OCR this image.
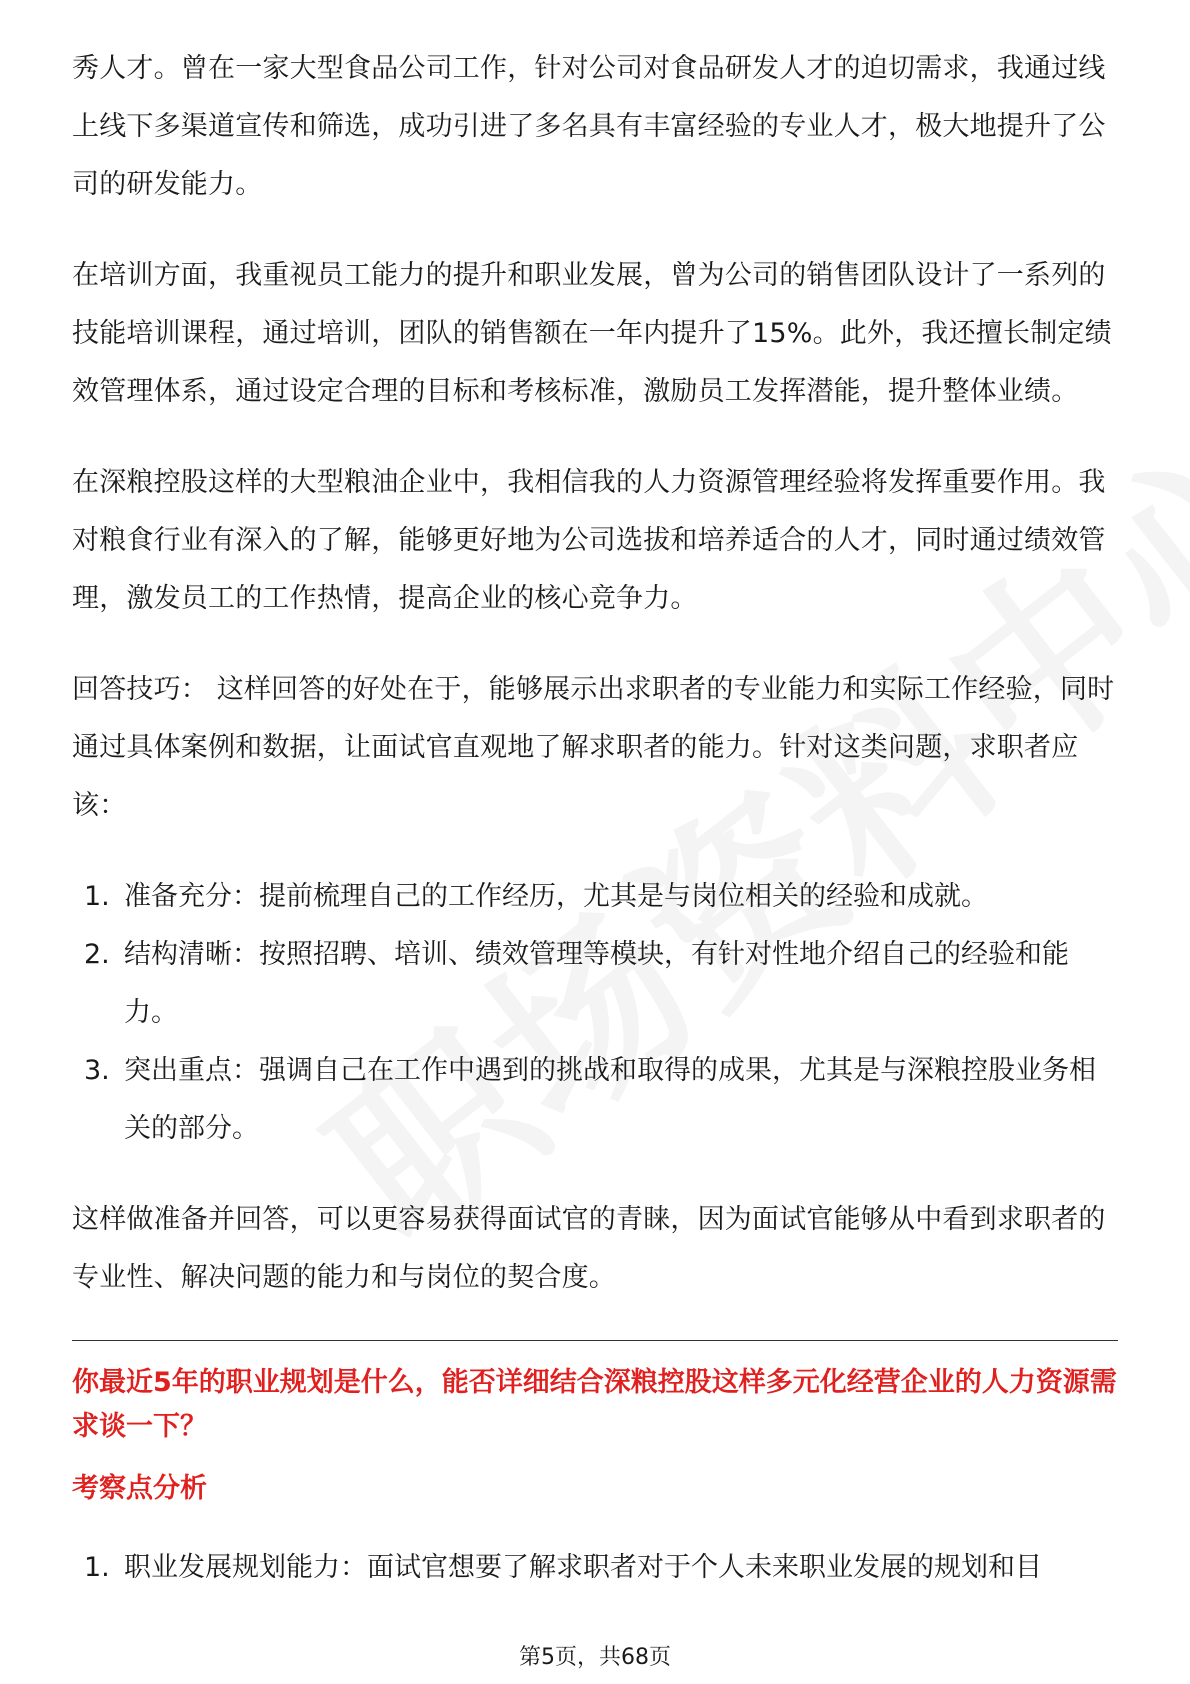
秀人才。曾在一家大型食品公司工作，针对公司对食品研发人才的迫切需求，我通过线上线下多渠道宣传和筛选，成功引进了多名具有丰富经验的专业人才，极大地提升了公司的研发能力。

在培训方面，我重视员工能力的提升和职业发展，曾为公司的销售团队设计了一系列的技能培训课程，通过培训，团队的销售额在一年内提升了15%。此外，我还擅长制定绩效管理体系，通过设定合理的目标和考核标准，激励员工发挥潜能，提升整体业绩。

在深粮控股这样的大型粮油企业中，我相信我的人力资源管理经验将发挥重要作用。我对粮食行业有深入的了解，能够更好地为公司选拔和培养适合的人才，同时通过绩效管理，激发员工的工作热情，提高企业的核心竞争力。

回答技巧： 这样回答的好处在于，能够展示出求职者的专业能力和实际工作经验，同时通过具体案例和数据，让面试官直观地了解求职者的能力。针对这类问题，求职者应该：

1. 准备充分：提前梳理自己的工作经历，尤其是与岗位相关的经验和成就。
2. 结构清晰：按照招聘、培训、绩效管理等模块，有针对性地介绍自己的经验和能力。
3. 突出重点：强调自己在工作中遇到的挑战和取得的成果，尤其是与深粮控股业务相关的部分。

这样做准备并回答，可以更容易获得面试官的青睐，因为面试官能够从中看到求职者的专业性、解决问题的能力和与岗位的契合度。

你最近5年的职业规划是什么，能否详细结合深粮控股这样多元化经营企业的人力资源需求谈一下？
考察点分析
1. 职业发展规划能力：面试官想要了解求职者对于个人未来职业发展的规划和目
第5页，共68页
